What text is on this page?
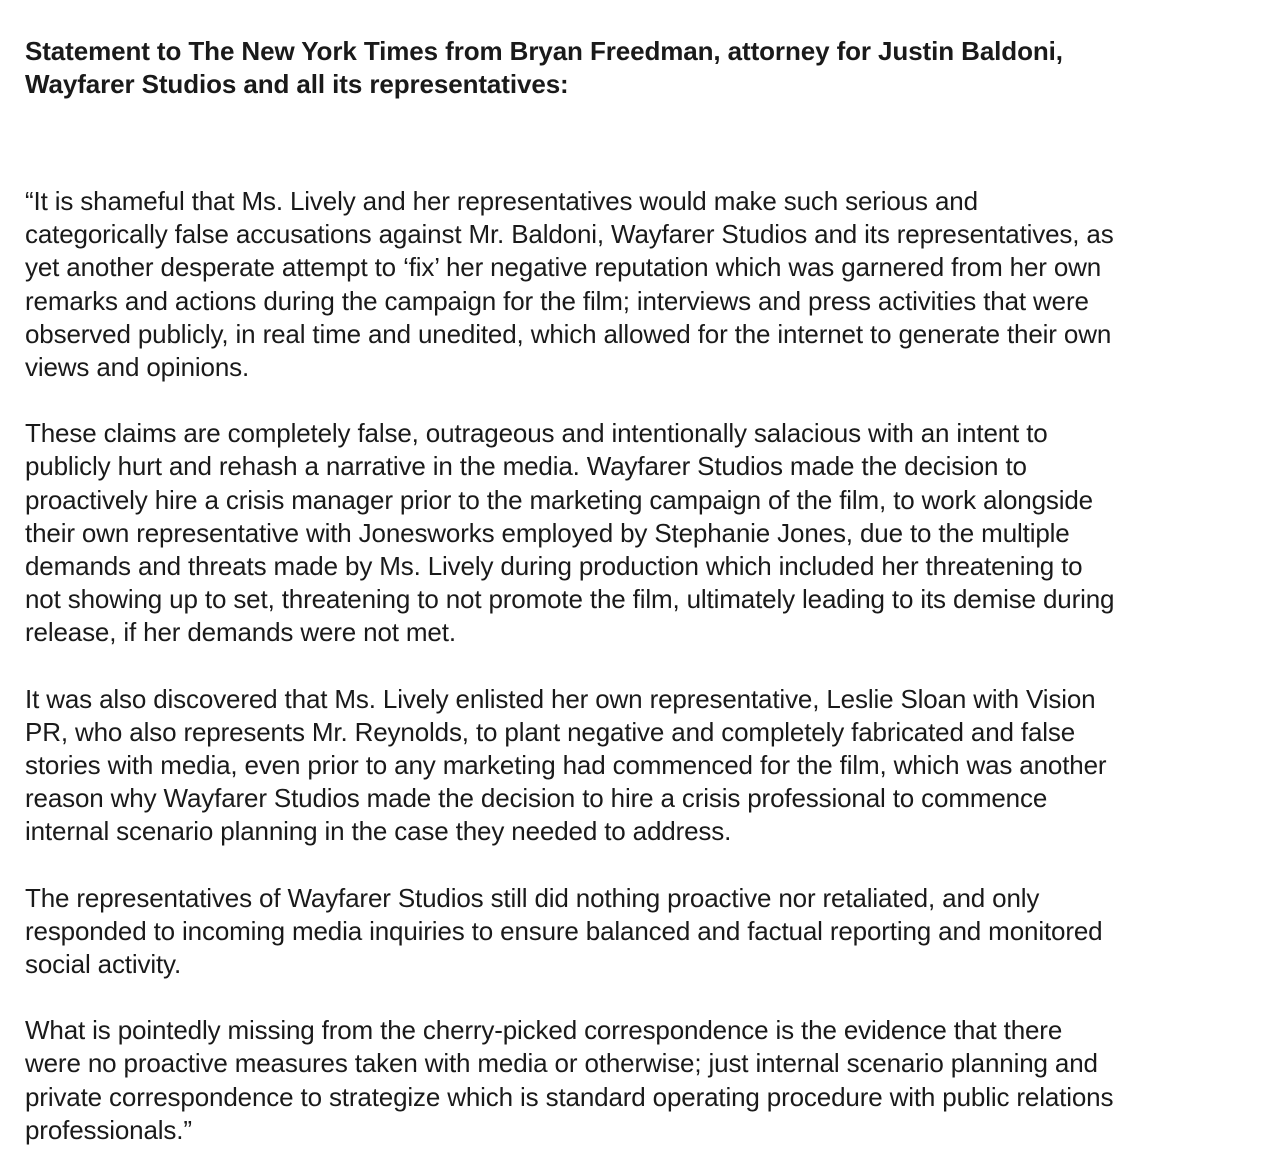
Statement to The New York Times from Bryan Freedman, attorney for Justin Baldoni,
Wayfarer Studios and all its representatives:
“It is shameful that Ms. Lively and her representatives would make such serious and
categorically false accusations against Mr. Baldoni, Wayfarer Studios and its representatives, as
yet another desperate attempt to ‘fix’ her negative reputation which was garnered from her own
remarks and actions during the campaign for the film; interviews and press activities that were
observed publicly, in real time and unedited, which allowed for the internet to generate their own
views and opinions.
These claims are completely false, outrageous and intentionally salacious with an intent to
publicly hurt and rehash a narrative in the media. Wayfarer Studios made the decision to
proactively hire a crisis manager prior to the marketing campaign of the film, to work alongside
their own representative with Jonesworks employed by Stephanie Jones, due to the multiple
demands and threats made by Ms. Lively during production which included her threatening to
not showing up to set, threatening to not promote the film, ultimately leading to its demise during
release, if her demands were not met.
It was also discovered that Ms. Lively enlisted her own representative, Leslie Sloan with Vision
PR, who also represents Mr. Reynolds, to plant negative and completely fabricated and false
stories with media, even prior to any marketing had commenced for the film, which was another
reason why Wayfarer Studios made the decision to hire a crisis professional to commence
internal scenario planning in the case they needed to address.
The representatives of Wayfarer Studios still did nothing proactive nor retaliated, and only
responded to incoming media inquiries to ensure balanced and factual reporting and monitored
social activity.
What is pointedly missing from the cherry-picked correspondence is the evidence that there
were no proactive measures taken with media or otherwise; just internal scenario planning and
private correspondence to strategize which is standard operating procedure with public relations
professionals.”
